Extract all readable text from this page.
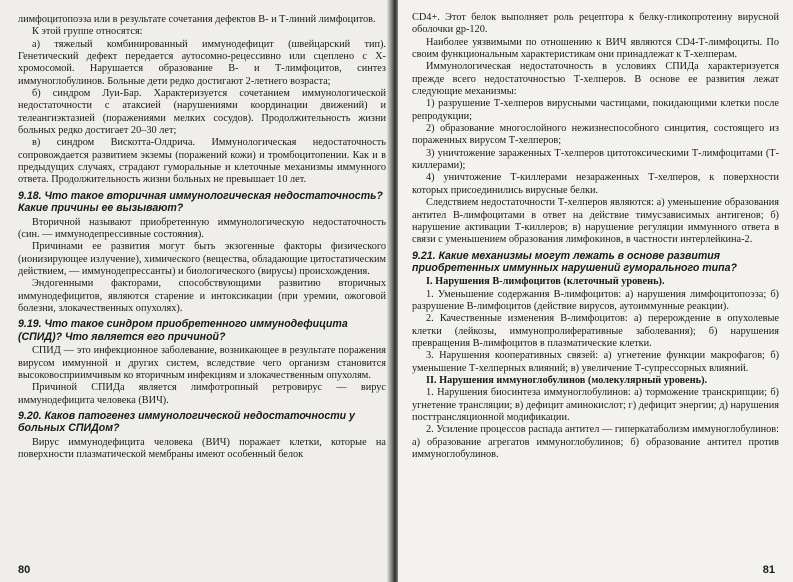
лимфоцитопоэза или в результате сочетания дефектов В- и Т-линий лимфоцитов.

К этой группе относятся:

а) тяжелый комбинированный иммунодефицит (швейцарский тип). Генетический дефект передается аутосомно-рецессивно или сцеплено с Х-хромосомой. Нарушается образование В- и Т-лимфоцитов, синтез иммуноглобулинов. Больные дети редко достигают 2-летнего возраста;

б) синдром Луи-Бар. Характеризуется сочетанием иммунологической недостаточности с атаксией (нарушениями координации движений) и телеангиэктазией (поражениями мелких сосудов). Продолжительность жизни больных редко достигает 20–30 лет;

в) синдром Вискотта-Олдрича. Иммунологическая недостаточность сопровождается развитием экземы (поражений кожи) и тромбоцитопении. Как и в предыдущих случаях, страдают гуморальные и клеточные механизмы иммунного ответа. Продолжительность жизни больных не превышает 10 лет.

9.18. Что такое вторичная иммунологическая недостаточность? Какие причины ее вызывают?

Вторичной называют приобретенную иммунологическую недостаточность (син. — иммунодепрессивные состояния).

Причинами ее развития могут быть экзогенные факторы физического (ионизирующее излучение), химического (вещества, обладающие цитостатическим действием, — иммунодепрессанты) и биологического (вирусы) происхождения.

Эндогенными факторами, способствующими развитию вторичных иммунодефицитов, являются старение и интоксикации (при уремии, ожоговой болезни, злокачественных опухолях).

9.19. Что такое синдром приобретенного иммунодефицита (СПИД)? Что является его причиной?

СПИД — это инфекционное заболевание, возникающее в результате поражения вирусом иммунной и других систем, вследствие чего организм становится высоковосприимчивым ко вторичным инфекциям и злокачественным опухолям.

Причиной СПИДа является лимфотропный ретровирус — вирус иммунодефицита человека (ВИЧ).

9.20. Каков патогенез иммунологической недостаточности у больных СПИДом?

Вирус иммунодефицита человека (ВИЧ) поражает клетки, которые на поверхности плазматической мембраны имеют особенный белок

80

CD4+. Этот белок выполняет роль рецептора к белку-гликопротеину вирусной оболочки gp-120.

Наиболее уязвимыми по отношению к ВИЧ являются CD4-Т-лимфоциты. По своим функциональным характеристикам они принадлежат к Т-хелперам.

Иммунологическая недостаточность в условиях СПИДа характеризуется прежде всего недостаточностью Т-хелперов. В основе ее развития лежат следующие механизмы:

1) разрушение Т-хелперов вирусными частицами, покидающими клетки после репродукции;

2) образование многослойного нежизнеспособного синцития, состоящего из пораженных вирусом Т-хелперов;

3) уничтожение зараженных Т-хелперов цитотоксическими Т-лимфоцитами (Т-киллерами);

4) уничтожение Т-киллерами незараженных Т-хелперов, к поверхности которых присоединились вирусные белки.

Следствием недостаточности Т-хелперов являются: а) уменьшение образования антител В-лимфоцитами в ответ на действие тимусзависимых антигенов; б) нарушение активации Т-киллеров; в) нарушение регуляции иммунного ответа в связи с уменьшением образования лимфокинов, в частности интерлейкина-2.

9.21. Какие механизмы могут лежать в основе развития приобретенных иммунных нарушений гуморального типа?

I. Нарушения В-лимфоцитов (клеточный уровень).

1. Уменьшение содержания В-лимфоцитов: а) нарушения лимфоцитопоэза; б) разрушение В-лимфоцитов (действие вирусов, аутоиммунные реакции).

2. Качественные изменения В-лимфоцитов: а) перерождение в опухолевые клетки (лейкозы, иммунопролиферативные заболевания); б) нарушения превращения В-лимфоцитов в плазматические клетки.

3. Нарушения кооперативных связей: а) угнетение функции макрофагов; б) уменьшение Т-хелперных влияний; в) увеличение Т-супрессорных влияний.

II. Нарушения иммуноглобулинов (молекулярный уровень).

1. Нарушения биосинтеза иммуноглобулинов: а) торможение транскрипции; б) угнетение трансляции; в) дефицит аминокислот; г) дефицит энергии; д) нарушения посттрансляционной модификации.

2. Усиление процессов распада антител — гиперкатаболизм иммуноглобулинов: а) образование агрегатов иммуноглобулинов; б) образование антител против иммуноглобулинов.

81
